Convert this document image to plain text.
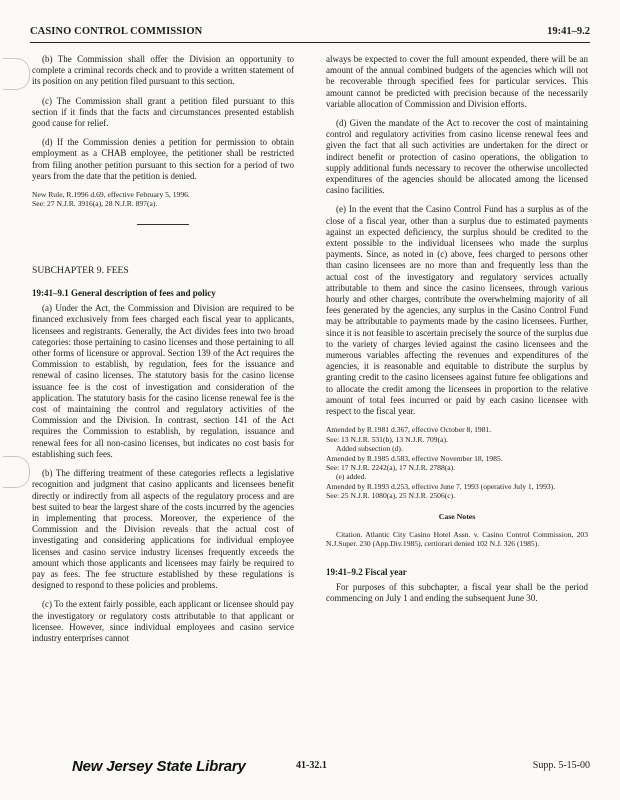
CASINO CONTROL COMMISSION	19:41–9.2

(b) The Commission shall offer the Division an opportunity to complete a criminal records check and to provide a written statement of its position on any petition filed pursuant to this section.

(c) The Commission shall grant a petition filed pursuant to this section if it finds that the facts and circumstances presented establish good cause for relief.

(d) If the Commission denies a petition for permission to obtain employment as a CHAB employee, the petitioner shall be restricted from filing another petition pursuant to this section for a period of two years from the date that the petition is denied.

New Rule, R.1996 d.69, effective February 5, 1996.
See: 27 N.J.R. 3916(a), 28 N.J.R. 897(a).
SUBCHAPTER 9. FEES
19:41–9.1 General description of fees and policy

(a) Under the Act, the Commission and Division are required to be financed exclusively from fees charged each fiscal year to applicants, licensees and registrants. Generally, the Act divides fees into two broad categories: those pertaining to casino licenses and those pertaining to all other forms of licensure or approval. Section 139 of the Act requires the Commission to establish, by regulation, fees for the issuance and renewal of casino licenses. The statutory basis for the casino license issuance fee is the cost of investigation and consideration of the application. The statutory basis for the casino license renewal fee is the cost of maintaining the control and regulatory activities of the Commission and the Division. In contrast, section 141 of the Act requires the Commission to establish, by regulation, issuance and renewal fees for all non-casino licenses, but indicates no cost basis for establishing such fees.

(b) The differing treatment of these categories reflects a legislative recognition and judgment that casino applicants and licensees benefit directly or indirectly from all aspects of the regulatory process and are best suited to bear the largest share of the costs incurred by the agencies in implementing that process. Moreover, the experience of the Commission and the Division reveals that the actual cost of investigating and considering applications for individual employee licenses and casino service industry licenses frequently exceeds the amount which those applicants and licensees may fairly be required to pay as fees. The fee structure established by these regulations is designed to respond to these policies and problems.

(c) To the extent fairly possible, each applicant or licensee should pay the investigatory or regulatory costs attributable to that applicant or licensee. However, since individual employees and casino service industry enterprises cannot

always be expected to cover the full amount expended, there will be an amount of the annual combined budgets of the agencies which will not be recoverable through specified fees for particular services. This amount cannot be predicted with precision because of the necessarily variable allocation of Commission and Division efforts.

(d) Given the mandate of the Act to recover the cost of maintaining control and regulatory activities from casino license renewal fees and given the fact that all such activities are undertaken for the direct or indirect benefit or protection of casino operations, the obligation to supply additional funds necessary to recover the otherwise uncollected expenditures of the agencies should be allocated among the licensed casino facilities.

(e) In the event that the Casino Control Fund has a surplus as of the close of a fiscal year, other than a surplus due to estimated payments against an expected deficiency, the surplus should be credited to the extent possible to the individual licensees who made the surplus payments. Since, as noted in (c) above, fees charged to persons other than casino licensees are no more than and frequently less than the actual cost of the investigatory and regulatory services actually attributable to them and since the casino licensees, through various hourly and other charges, contribute the overwhelming majority of all fees generated by the agencies, any surplus in the Casino Control Fund may be attributable to payments made by the casino licensees. Further, since it is not feasible to ascertain precisely the source of the surplus due to the variety of charges levied against the casino licensees and the numerous variables affecting the revenues and expenditures of the agencies, it is reasonable and equitable to distribute the surplus by granting credit to the casino licensees against future fee obligations and to allocate the credit among the licensees in proportion to the relative amount of total fees incurred or paid by each casino licensee with respect to the fiscal year.

Amended by R.1981 d.367, effective October 8, 1981.
See: 13 N.J.R. 531(b), 13 N.J.R. 709(a).
Added subsection (d).
Amended by R.1985 d.583, effective November 18, 1985.
See: 17 N.J.R. 2242(a), 17 N.J.R. 2788(a).
(e) added.
Amended by R.1993 d.253, effective June 7, 1993 (operative July 1, 1993).
See: 25 N.J.R. 1080(a), 25 N.J.R. 2506(c).
Case Notes

Citation. Atlantic City Casino Hotel Assn. v. Casino Control Commission, 203 N.J.Super. 230 (App.Div.1985), certiorari denied 102 N.J. 326 (1985).

19:41–9.2 Fiscal year

For purposes of this subchapter, a fiscal year shall be the period commencing on July 1 and ending the subsequent June 30.

New Jersey State Library	41-32.1	Supp. 5-15-00
